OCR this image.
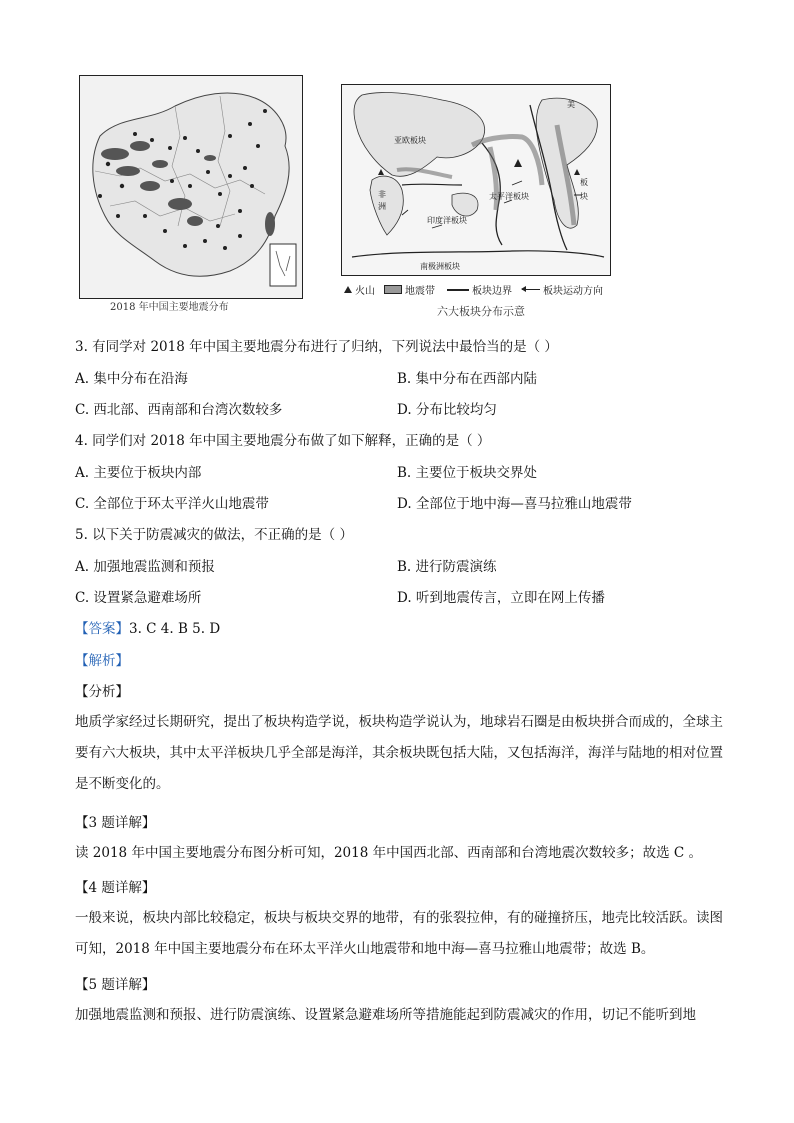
2018 年中国主要地震分布
亚欧板块
太平洋板块
印度洋板块
南极洲板块
非
洲
美
板
块
火山	地震带	板块边界	板块运动方向
六大板块分布示意
3. 有同学对 2018 年中国主要地震分布进行了归纳，下列说法中最恰当的是（ ）
A. 集中分布在沿海	B. 集中分布在西部内陆
C. 西北部、西南部和台湾次数较多	D. 分布比较均匀
4. 同学们对 2018 年中国主要地震分布做了如下解释，正确的是（ ）
A. 主要位于板块内部	B. 主要位于板块交界处
C. 全部位于环太平洋火山地震带	D. 全部位于地中海—喜马拉雅山地震带
5. 以下关于防震减灾的做法，不正确的是（ ）
A. 加强地震监测和预报	B. 进行防震演练
C. 设置紧急避难场所	D. 听到地震传言，立即在网上传播
【答案】3. C 4. B 5. D
【解析】
【分析】
地质学家经过长期研究，提出了板块构造学说，板块构造学说认为，地球岩石圈是由板块拼合而成的，全球主要有六大板块，其中太平洋板块几乎全部是海洋，其余板块既包括大陆，又包括海洋，海洋与陆地的相对位置是不断变化的。
【3 题详解】
读 2018 年中国主要地震分布图分析可知，2018 年中国西北部、西南部和台湾地震次数较多；故选 C 。
【4 题详解】
一般来说，板块内部比较稳定，板块与板块交界的地带，有的张裂拉伸，有的碰撞挤压，地壳比较活跃。读图可知，2018 年中国主要地震分布在环太平洋火山地震带和地中海—喜马拉雅山地震带；故选 B。
【5 题详解】
加强地震监测和预报、进行防震演练、设置紧急避难场所等措施能起到防震减灾的作用，切记不能听到地
